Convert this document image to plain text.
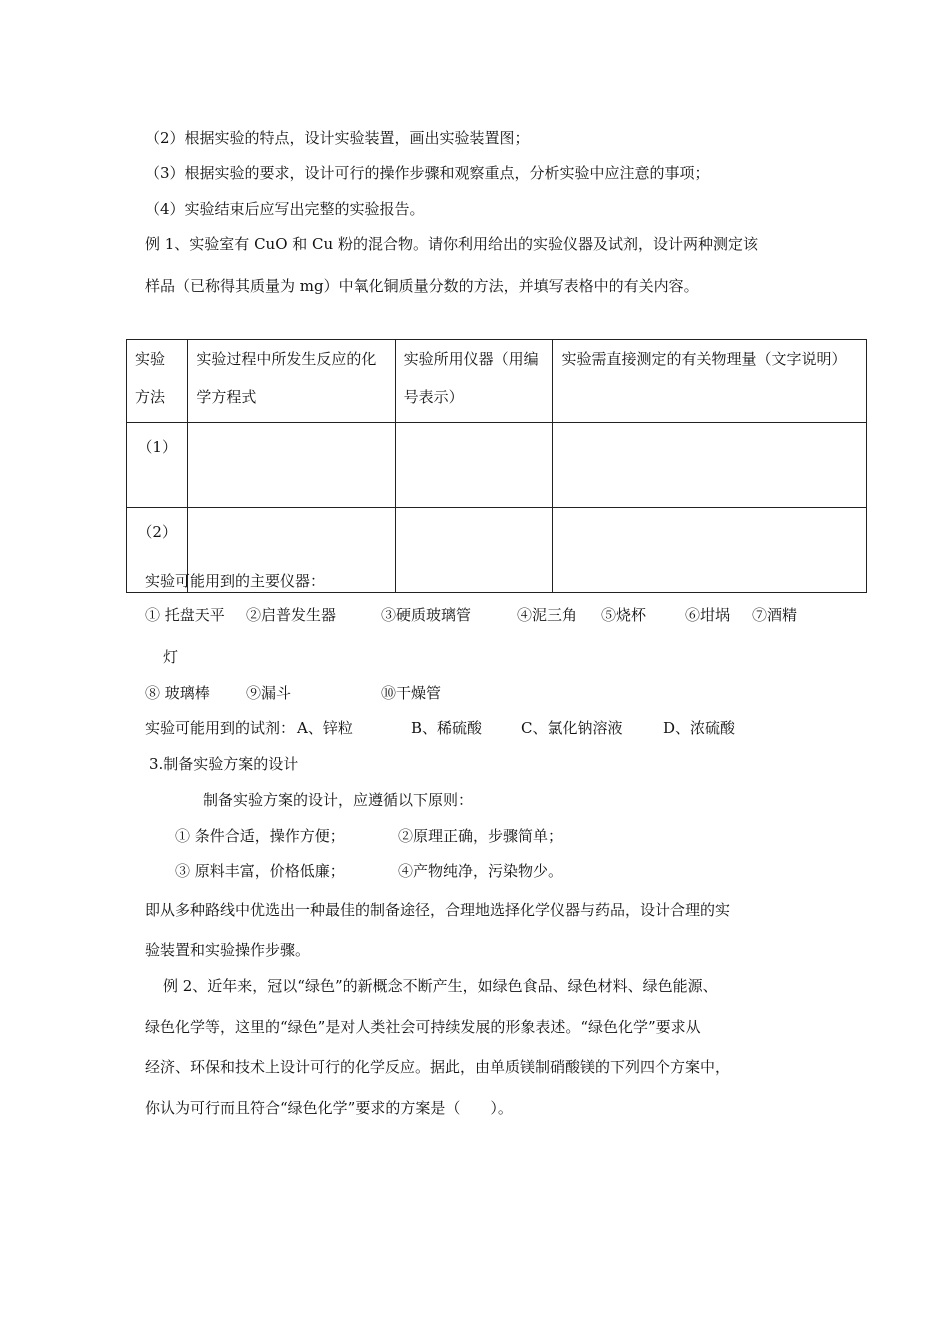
（2）根据实验的特点，设计实验装置，画出实验装置图；
（3）根据实验的要求，设计可行的操作步骤和观察重点，分析实验中应注意的事项；
（4）实验结束后应写出完整的实验报告。
例 1、实验室有 CuO 和 Cu 粉的混合物。请你利用给出的实验仪器及试剂，设计两种测定该
样品（已称得其质量为 mg）中氧化铜质量分数的方法，并填写表格中的有关内容。
实验方法	实验过程中所发生反应的化学方程式	实验所用仪器（用编号表示）	实验需直接测定的有关物理量（文字说明）
（1）			
（2）			
实验可能用到的主要仪器：
① 托盘天平 ②启普发生器	③硬质玻璃管	④泥三角 ⑤烧杯	⑥坩埚 ⑦酒精
灯
⑧ 玻璃棒 ⑨漏斗	⑩干燥管
实验可能用到的试剂： A、锌粒	B、稀硫酸	C、氯化钠溶液	D、浓硫酸
3.制备实验方案的设计
制备实验方案的设计，应遵循以下原则：
① 条件合适，操作方便；	②原理正确，步骤简单；
③ 原料丰富，价格低廉；	④产物纯净，污染物少。
即从多种路线中优选出一种最佳的制备途径，合理地选择化学仪器与药品，设计合理的实
验装置和实验操作步骤。
例 2、近年来，冠以“绿色”的新概念不断产生，如绿色食品、绿色材料、绿色能源、
绿色化学等，这里的“绿色”是对人类社会可持续发展的形象表述。“绿色化学”要求从
经济、环保和技术上设计可行的化学反应。据此，由单质镁制硝酸镁的下列四个方案中，
你认为可行而且符合“绿色化学”要求的方案是（　　）。
